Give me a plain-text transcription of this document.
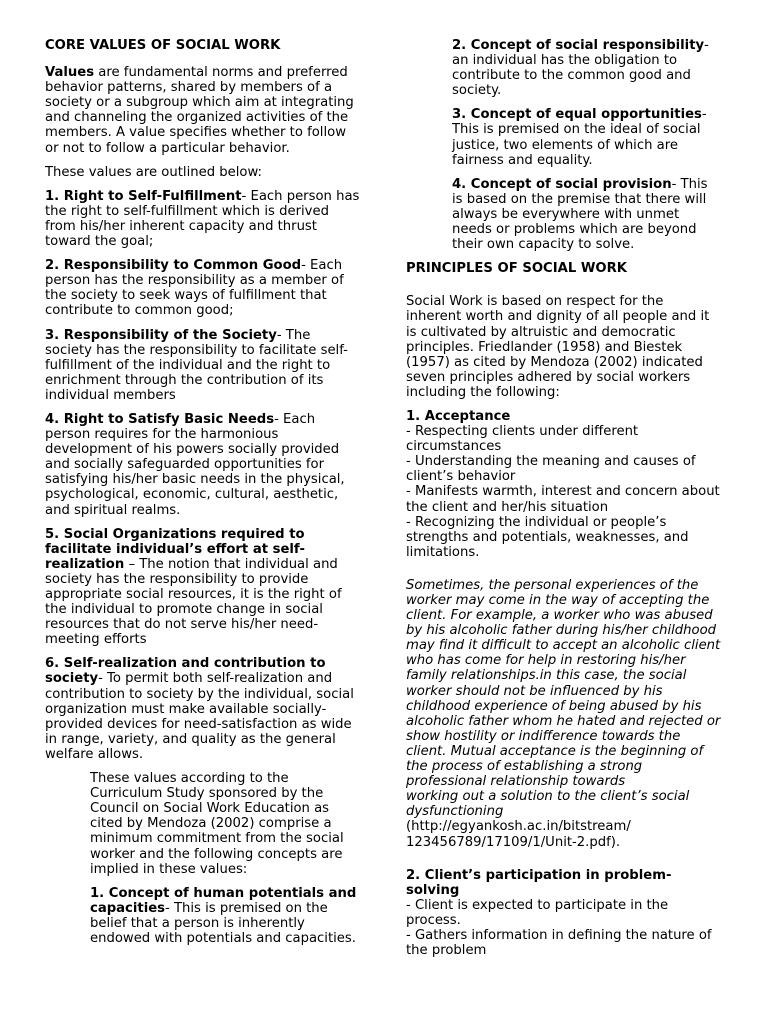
CORE VALUES OF SOCIAL WORK

Values are fundamental norms and preferred behavior patterns, shared by members of a society or a subgroup which aim at integrating and channeling the organized activities of the members. A value specifies whether to follow or not to follow a particular behavior.

These values are outlined below:

1. Right to Self-Fulfillment- Each person has the right to self-fulfillment which is derived from his/her inherent capacity and thrust toward the goal;

2. Responsibility to Common Good- Each person has the responsibility as a member of the society to seek ways of fulfillment that contribute to common good;

3. Responsibility of the Society- The society has the responsibility to facilitate self-fulfillment of the individual and the right to enrichment through the contribution of its individual members

4. Right to Satisfy Basic Needs- Each person requires for the harmonious development of his powers socially provided and socially safeguarded opportunities for satisfying his/her basic needs in the physical, psychological, economic, cultural, aesthetic, and spiritual realms.

5. Social Organizations required to facilitate individual’s effort at self-realization – The notion that individual and society has the responsibility to provide appropriate social resources, it is the right of the individual to promote change in social resources that do not serve his/her need-meeting efforts

6. Self-realization and contribution to society- To permit both self-realization and contribution to society by the individual, social organization must make available socially-provided devices for need-satisfaction as wide in range, variety, and quality as the general welfare allows.

These values according to the Curriculum Study sponsored by the Council on Social Work Education as cited by Mendoza (2002) comprise a minimum commitment from the social worker and the following concepts are implied in these values:

1. Concept of human potentials and capacities- This is premised on the belief that a person is inherently endowed with potentials and capacities.

2. Concept of social responsibility- an individual has the obligation to contribute to the common good and society.

3. Concept of equal opportunities- This is premised on the ideal of social justice, two elements of which are fairness and equality.

4. Concept of social provision- This is based on the premise that there will always be everywhere with unmet needs or problems which are beyond their own capacity to solve.

PRINCIPLES OF SOCIAL WORK

Social Work is based on respect for the inherent worth and dignity of all people and it is cultivated by altruistic and democratic principles. Friedlander (1958) and Biestek (1957) as cited by Mendoza (2002) indicated seven principles adhered by social workers including the following:

1. Acceptance
- Respecting clients under different circumstances
- Understanding the meaning and causes of client’s behavior
- Manifests warmth, interest and concern about the client and her/his situation
- Recognizing the individual or people’s strengths and potentials, weaknesses, and limitations.

Sometimes, the personal experiences of the worker may come in the way of accepting the client. For example, a worker who was abused by his alcoholic father during his/her childhood may find it difficult to accept an alcoholic client who has come for help in restoring his/her family relationships.in this case, the social worker should not be influenced by his childhood experience of being abused by his alcoholic father whom he hated and rejected or show hostility or indifference towards the client. Mutual acceptance is the beginning of the process of establishing a strong professional relationship towards
working out a solution to the client’s social dysfunctioning
(http://egyankosh.ac.in/bitstream/
123456789/17109/1/Unit-2.pdf).

2. Client’s participation in problem-solving
- Client is expected to participate in the process.
- Gathers information in defining the nature of the problem
